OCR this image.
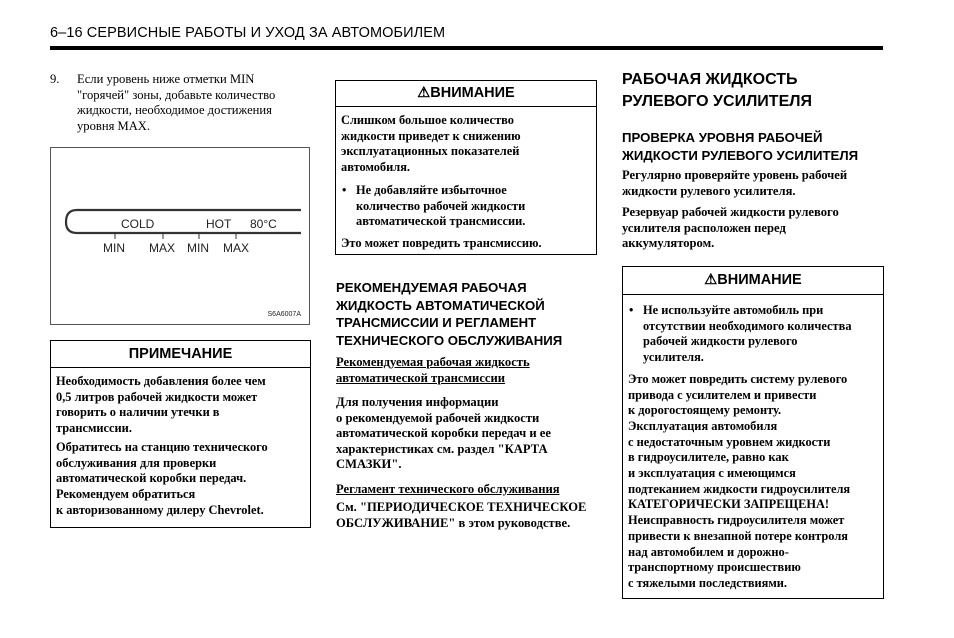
6–16 СЕРВИСНЫЕ РАБОТЫ И УХОД ЗА АВТОМОБИЛЕМ
9. Если уровень ниже отметки MIN
"горячей" зоны, добавьте количество
жидкости, необходимое достижения
уровня MAX.
COLD	HOT 80°C
MIN MAX MIN MAX
S6A6007A
ПРИМЕЧАНИЕ

Необходимость добавления более чем
0,5 литров рабочей жидкости может
говорить о наличии утечки в
трансмиссии.

Обратитесь на станцию технического
обслуживания для проверки
автоматической коробки передач.
Рекомендуем обратиться
к авторизованному дилеру Chevrolet.

⚠ВНИМАНИЕ

Слишком большое количество
жидкости приведет к снижению
эксплуатационных показателей
автомобиля.

• Не добавляйте избыточное
количество рабочей жидкости
автоматической трансмиссии.

Это может повредить трансмиссию.

РЕКОМЕНДУЕМАЯ РАБОЧАЯ
ЖИДКОСТЬ АВТОМАТИЧЕСКОЙ
ТРАНСМИССИИ И РЕГЛАМЕНТ
ТЕХНИЧЕСКОГО ОБСЛУЖИВАНИЯ
Рекомендуемая рабочая жидкость
автоматической трансмиссии
Для получения информации
о рекомендуемой рабочей жидкости
автоматической коробки передач и ее
характеристиках см. раздел "КАРТА
СМАЗКИ".
Регламент технического обслуживания
См. "ПЕРИОДИЧЕСКОЕ ТЕХНИЧЕСКОЕ
ОБСЛУЖИВАНИЕ" в этом руководстве.
РАБОЧАЯ ЖИДКОСТЬ
РУЛЕВОГО УСИЛИТЕЛЯ
ПРОВЕРКА УРОВНЯ РАБОЧЕЙ
ЖИДКОСТИ РУЛЕВОГО УСИЛИТЕЛЯ
Регулярно проверяйте уровень рабочей
жидкости рулевого усилителя.
Резервуар рабочей жидкости рулевого
усилителя расположен перед
аккумулятором.
⚠ВНИМАНИЕ

• Не используйте автомобиль при
отсутствии необходимого количества
рабочей жидкости рулевого
усилителя.

Это может повредить систему рулевого
привода с усилителем и привести
к дорогостоящему ремонту.
Эксплуатация автомобиля
с недостаточным уровнем жидкости
в гидроусилителе, равно как
и эксплуатация с имеющимся
подтеканием жидкости гидроусилителя
КАТЕГОРИЧЕСКИ ЗАПРЕЩЕНА!
Неисправность гидроусилителя может
привести к внезапной потере контроля
над автомобилем и дорожно-
транспортному происшествию
с тяжелыми последствиями.
